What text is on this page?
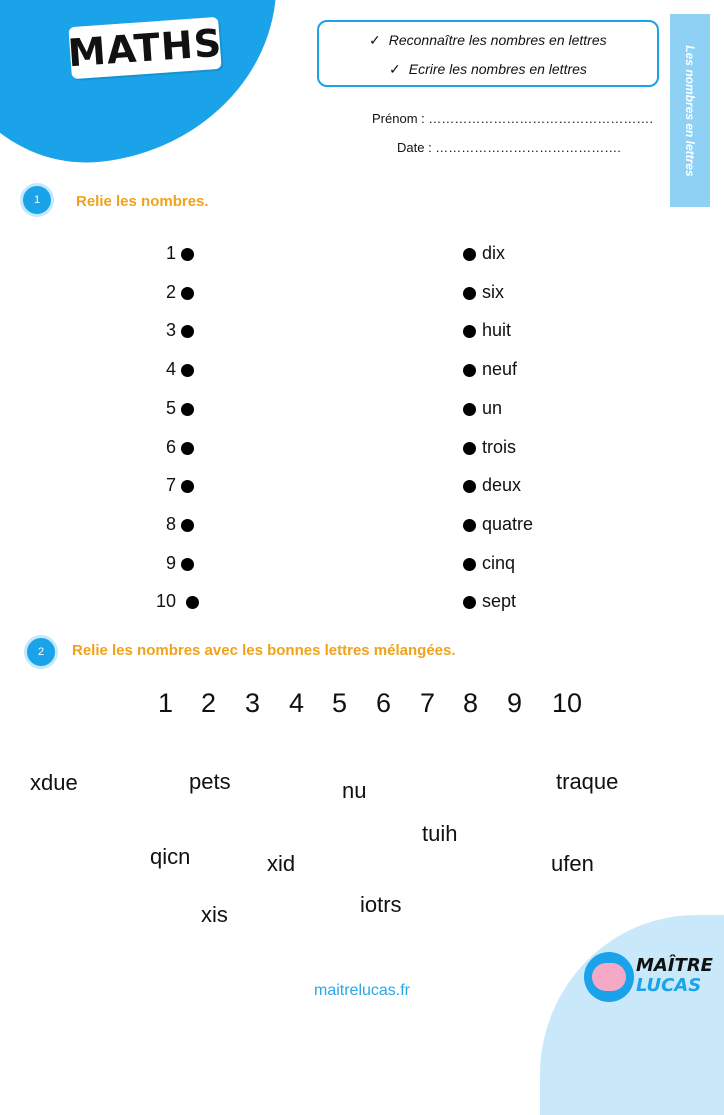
MATHS	✓ Reconnaître les nombres en lettres
✓ Ecrire les nombres en lettres	Les nombres en lettres
Prénom : …………………………………………….
Date : …………………………………….
1	Relie les nombres.
1
2
3
4
5
6
7
8
9
10
dix
six
huit
neuf
un
trois
deux
quatre
cinq
sept
2	Relie les nombres avec les bonnes lettres mélangées.
1 2 3 4 5 6 7 8 9 10
xdue	pets	nu	traque
tuih
qicn	xid	ufen
xis	iotrs
maitrelucas.fr
MAÎTRE
LUCAS
